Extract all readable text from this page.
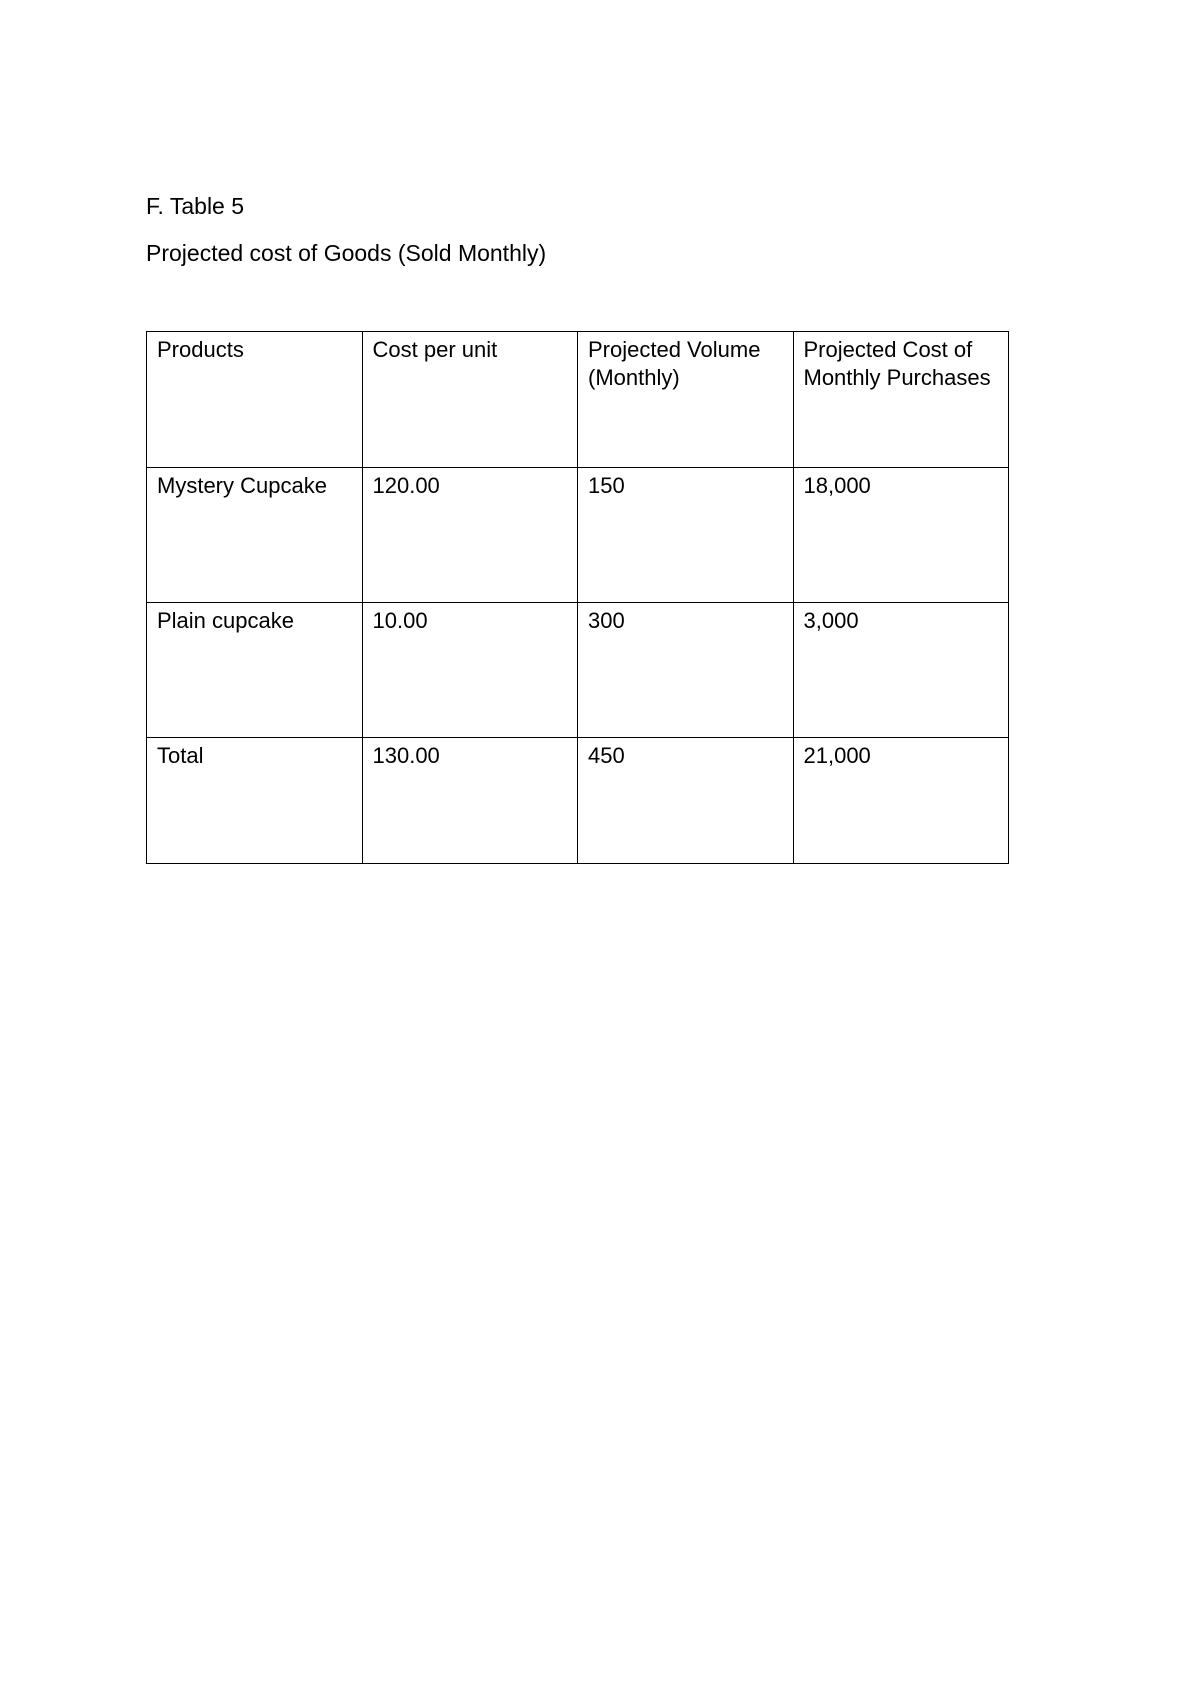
F. Table 5

Projected cost of Goods (Sold Monthly)

Products	Cost per unit	Projected Volume (Monthly)	Projected Cost of Monthly Purchases
Mystery Cupcake	120.00	150	18,000
Plain cupcake	10.00	300	3,000
Total	130.00	450	21,000
